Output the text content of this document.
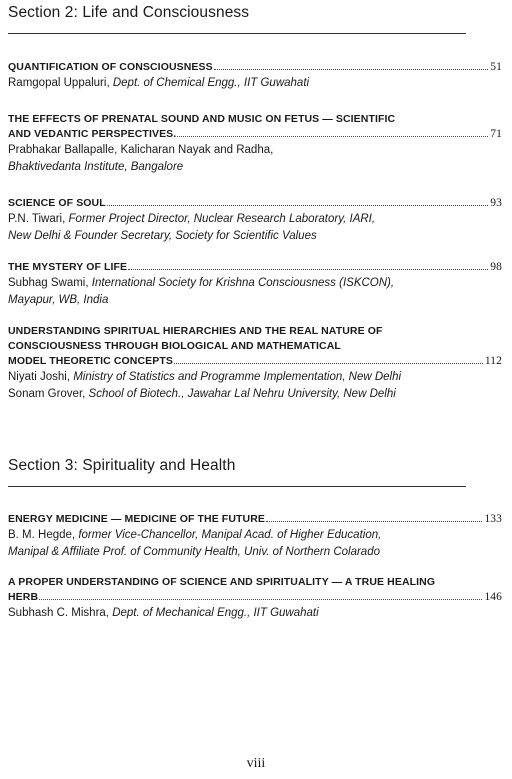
Section 2: Life and Consciousness
QUANTIFICATION OF CONSCIOUSNESS	51
Ramgopal Uppaluri, Dept. of Chemical Engg., IIT Guwahati
THE EFFECTS OF PRENATAL SOUND AND MUSIC ON FETUS — SCIENTIFIC
AND VEDANTIC PERSPECTIVES.	71
Prabhakar Ballapalle, Kalicharan Nayak and Radha,
Bhaktivedanta Institute, Bangalore
SCIENCE OF SOUL	93
P.N. Tiwari, Former Project Director, Nuclear Research Laboratory, IARI,
New Delhi & Founder Secretary, Society for Scientific Values
THE MYSTERY OF LIFE	98
Subhag Swami, International Society for Krishna Consciousness (ISKCON),
Mayapur, WB, India
UNDERSTANDING SPIRITUAL HIERARCHIES AND THE REAL NATURE OF
CONSCIOUSNESS THROUGH BIOLOGICAL AND MATHEMATICAL
MODEL THEORETIC CONCEPTS	112
Niyati Joshi, Ministry of Statistics and Programme Implementation, New Delhi
Sonam Grover, School of Biotech., Jawahar Lal Nehru University, New Delhi
Section 3: Spirituality and Health
ENERGY MEDICINE — MEDICINE OF THE FUTURE	133
B. M. Hegde, former Vice-Chancellor, Manipal Acad. of Higher Education,
Manipal & Affiliate Prof. of Community Health, Univ. of Northern Colarado
A PROPER UNDERSTANDING OF SCIENCE AND SPIRITUALITY — A TRUE HEALING
HERB	146
Subhash C. Mishra, Dept. of Mechanical Engg., IIT Guwahati
viii
